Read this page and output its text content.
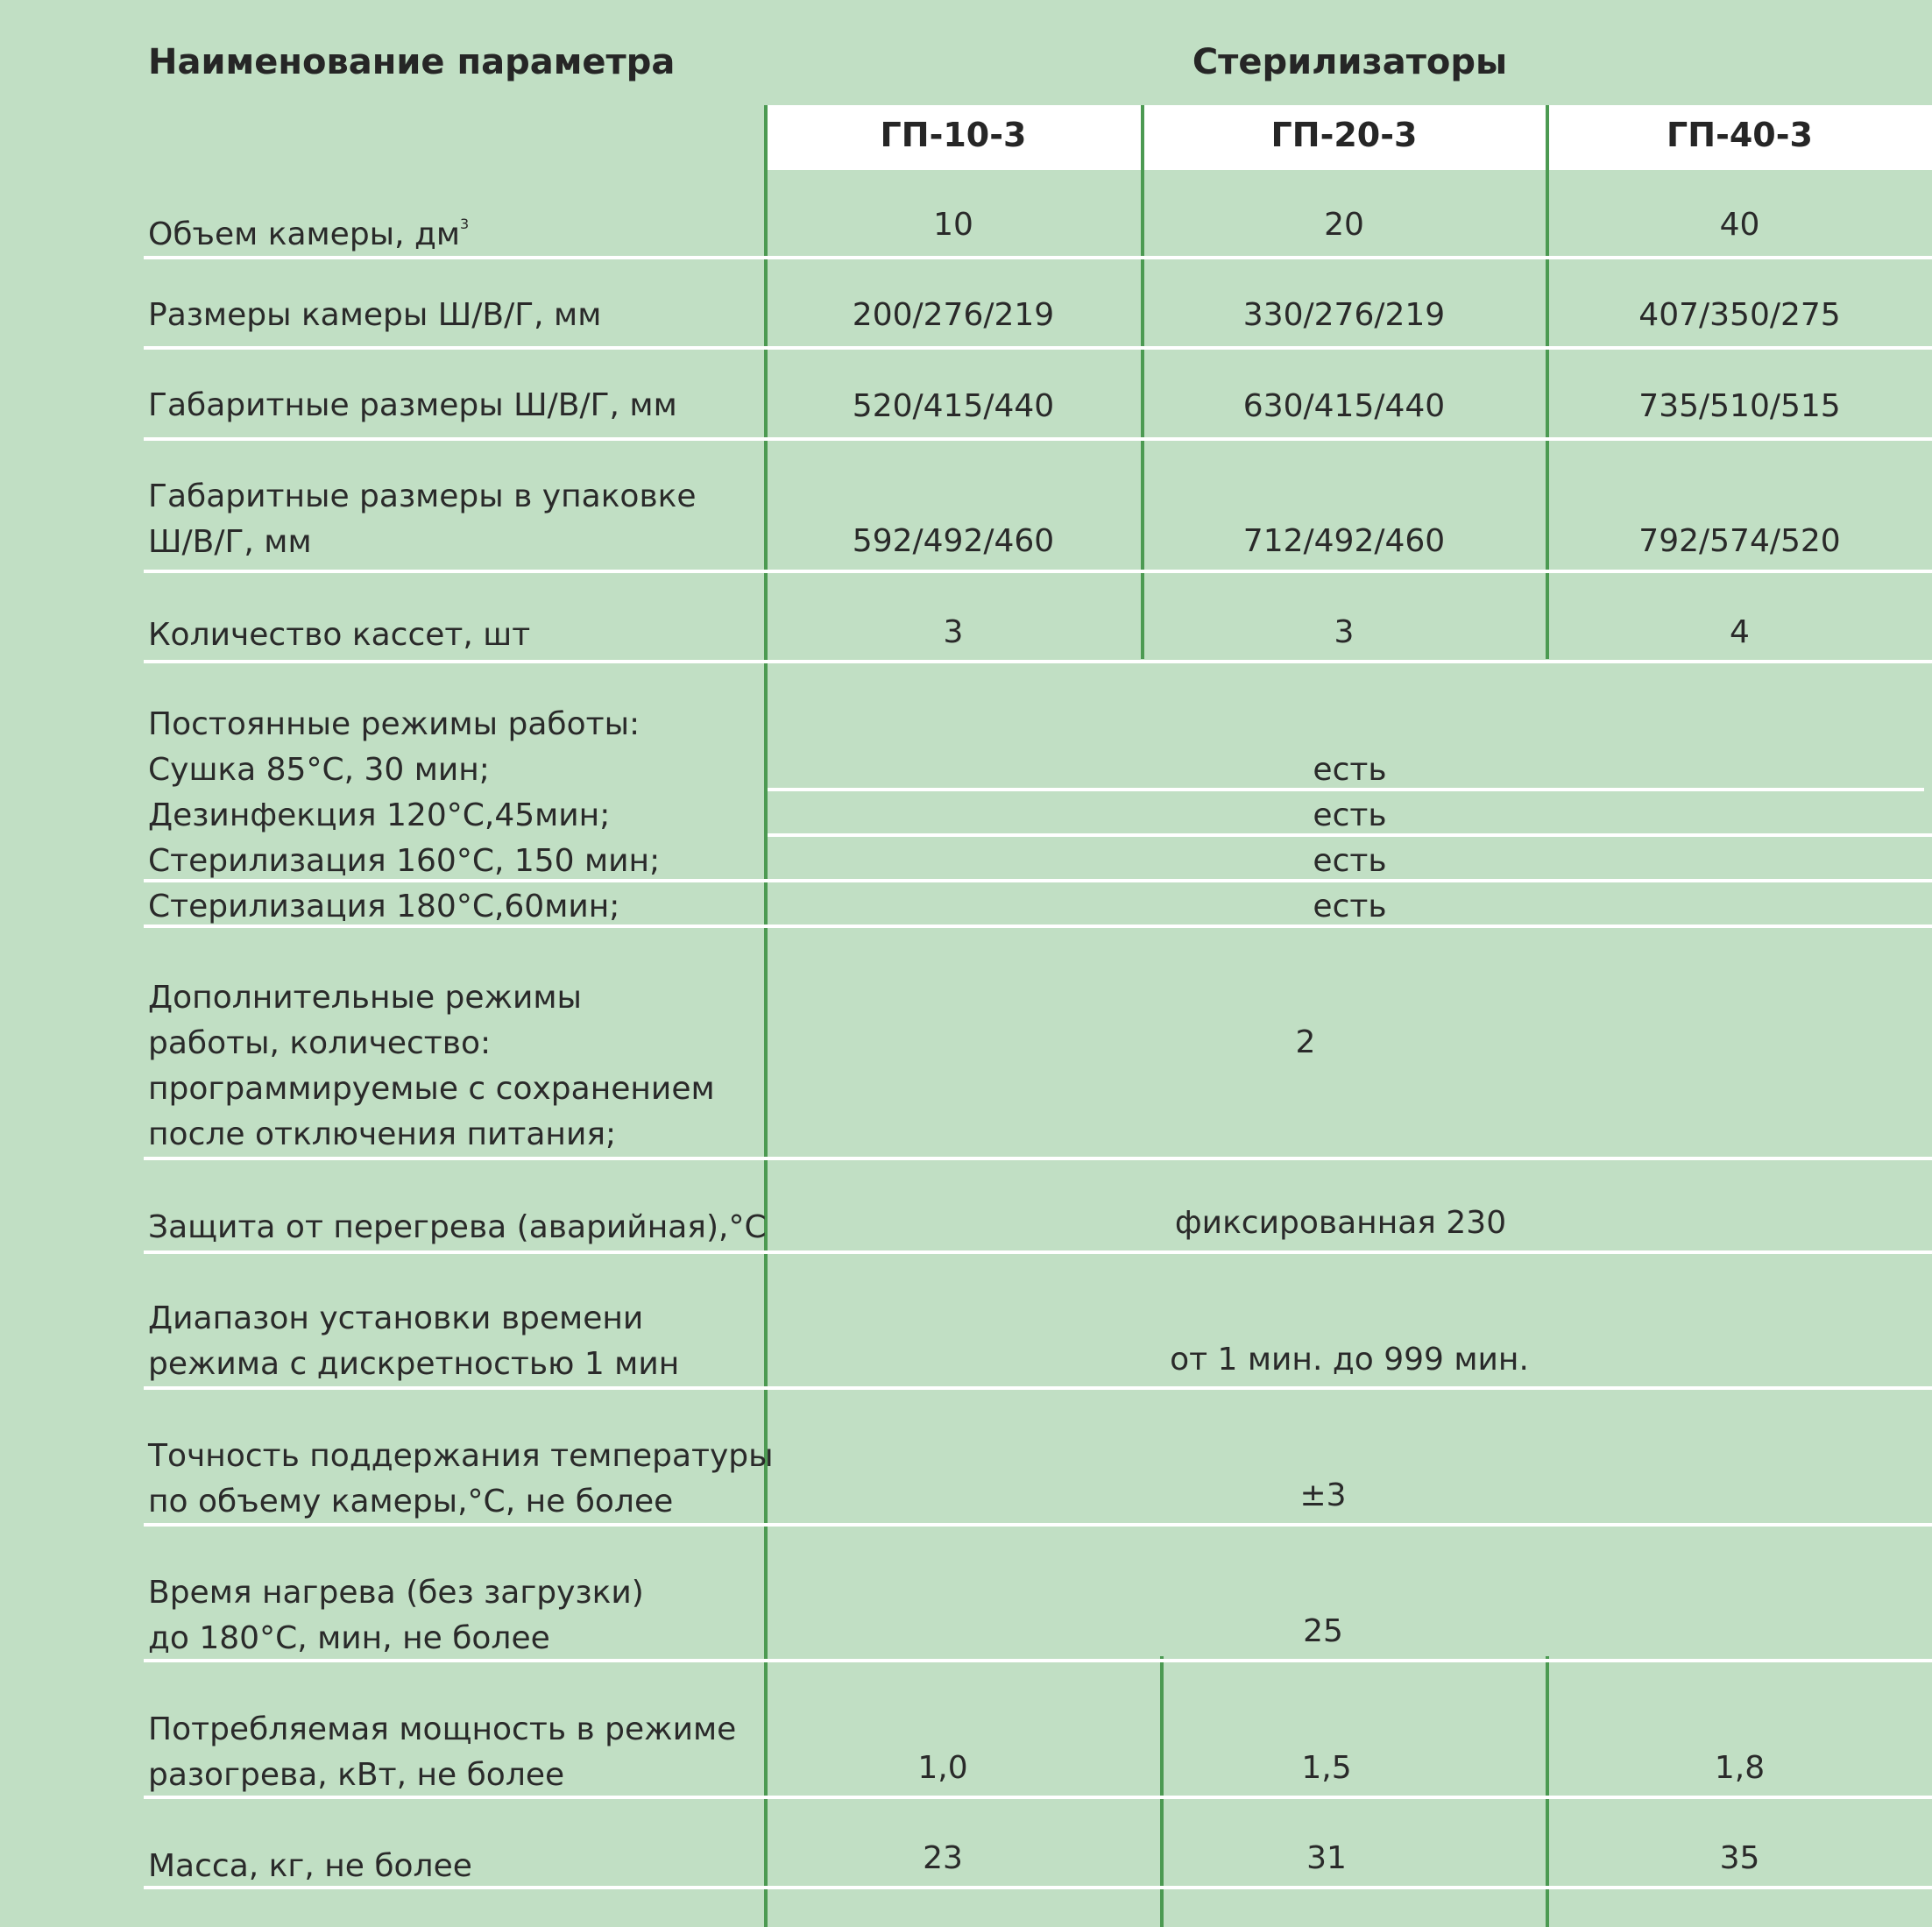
Наименование параметра	Стерилизаторы
ГП-10-3	ГП-20-3	ГП-40-3
Объем камеры, $дм^3$	10	20	40
Размеры камеры Ш/В/Г, мм	200/276/219	330/276/219	407/350/275
Габаритные размеры Ш/В/Г, мм	520/415/440	630/415/440	735/510/515
Габаритные размеры в упаковке
Ш/В/Г, мм	592/492/460	712/492/460	792/574/520
Количество кассет, шт	3	3	4
Постоянные режимы работы:
Сушка 85°С, 30 мин;	есть
Дезинфекция 120°С,45мин;	есть
Стерилизация 160°С, 150 мин;	есть
Стерилизация 180°С,60мин;	есть
Дополнительные режимы
работы, количество:
программируемые с сохранением
после отключения питания;
2
Защита от перегрева (аварийная),°С	фиксированная 230
Диапазон установки времени
режима с дискретностью 1 мин	от 1 мин. до 999 мин.
Точность поддержания температуры
по объему камеры,°С, не более	±3
Время нагрева (без загрузки)
до 180°С, мин, не более	25
Потребляемая мощность в режиме
разогрева, кВт, не более	1,0	1,5	1,8
Масса, кг, не более	23	31	35
